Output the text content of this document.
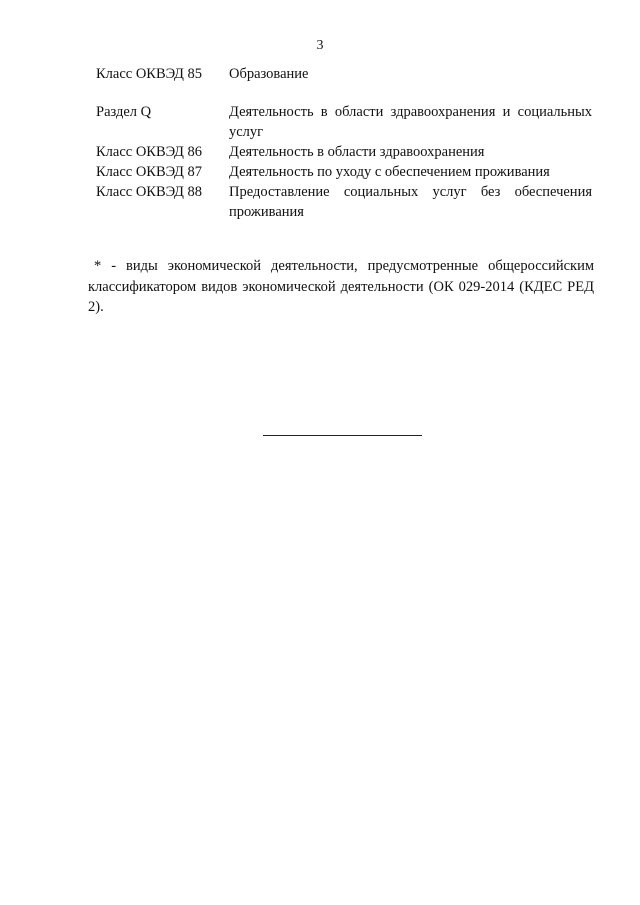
3
Класс ОКВЭД 85	Образование
Раздел Q	Деятельность в области здравоохранения и социальных услуг
Класс ОКВЭД 86	Деятельность в области здравоохранения
Класс ОКВЭД 87	Деятельность по уходу с обеспечением проживания
Класс ОКВЭД 88	Предоставление социальных услуг без обеспечения проживания
* - виды экономической деятельности, предусмотренные общероссийским классификатором видов экономической деятельности (ОК 029-2014 (КДЕС РЕД 2).
